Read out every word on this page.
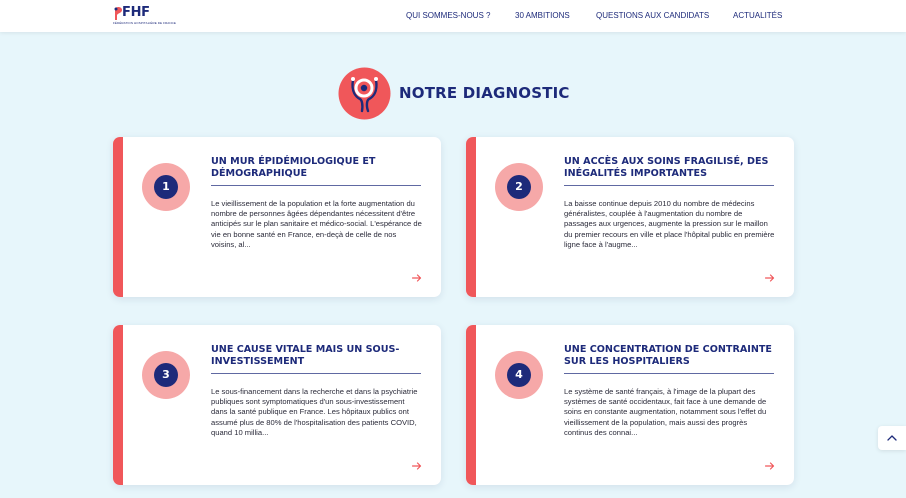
FHF
FÉDÉRATION HOSPITALIÈRE DE FRANCE
QUI SOMMES-NOUS ?	30 AMBITIONS	QUESTIONS AUX CANDIDATS	ACTUALITÉS
NOTRE DIAGNOSTIC
1
UN MUR ÉPIDÉMIOLOGIQUE ET DÉMOGRAPHIQUE

Le vieillissement de la population et la forte augmentation du nombre de personnes âgées dépendantes nécessitent d'être anticipés sur le plan sanitaire et médico-social. L'espérance de vie en bonne santé en France, en-deçà de celle de nos voisins, al...

2
UN ACCÈS AUX SOINS FRAGILISÉ, DES INÉGALITÉS IMPORTANTES

La baisse continue depuis 2010 du nombre de médecins généralistes, couplée à l'augmentation du nombre de passages aux urgences, augmente la pression sur le maillon du premier recours en ville et place l'hôpital public en première ligne face à l'augme...

3
UNE CAUSE VITALE MAIS UN SOUS-INVESTISSEMENT

Le sous-financement dans la recherche et dans la psychiatrie publiques sont symptomatiques d'un sous-investissement dans la santé publique en France. Les hôpitaux publics ont assumé plus de 80% de l'hospitalisation des patients COVID, quand 10 millia...

4
UNE CONCENTRATION DE CONTRAINTE SUR LES HOSPITALIERS

Le système de santé français, à l'image de la plupart des systèmes de santé occidentaux, fait face à une demande de soins en constante augmentation, notamment sous l'effet du vieillissement de la population, mais aussi des progrès continus des connai...
